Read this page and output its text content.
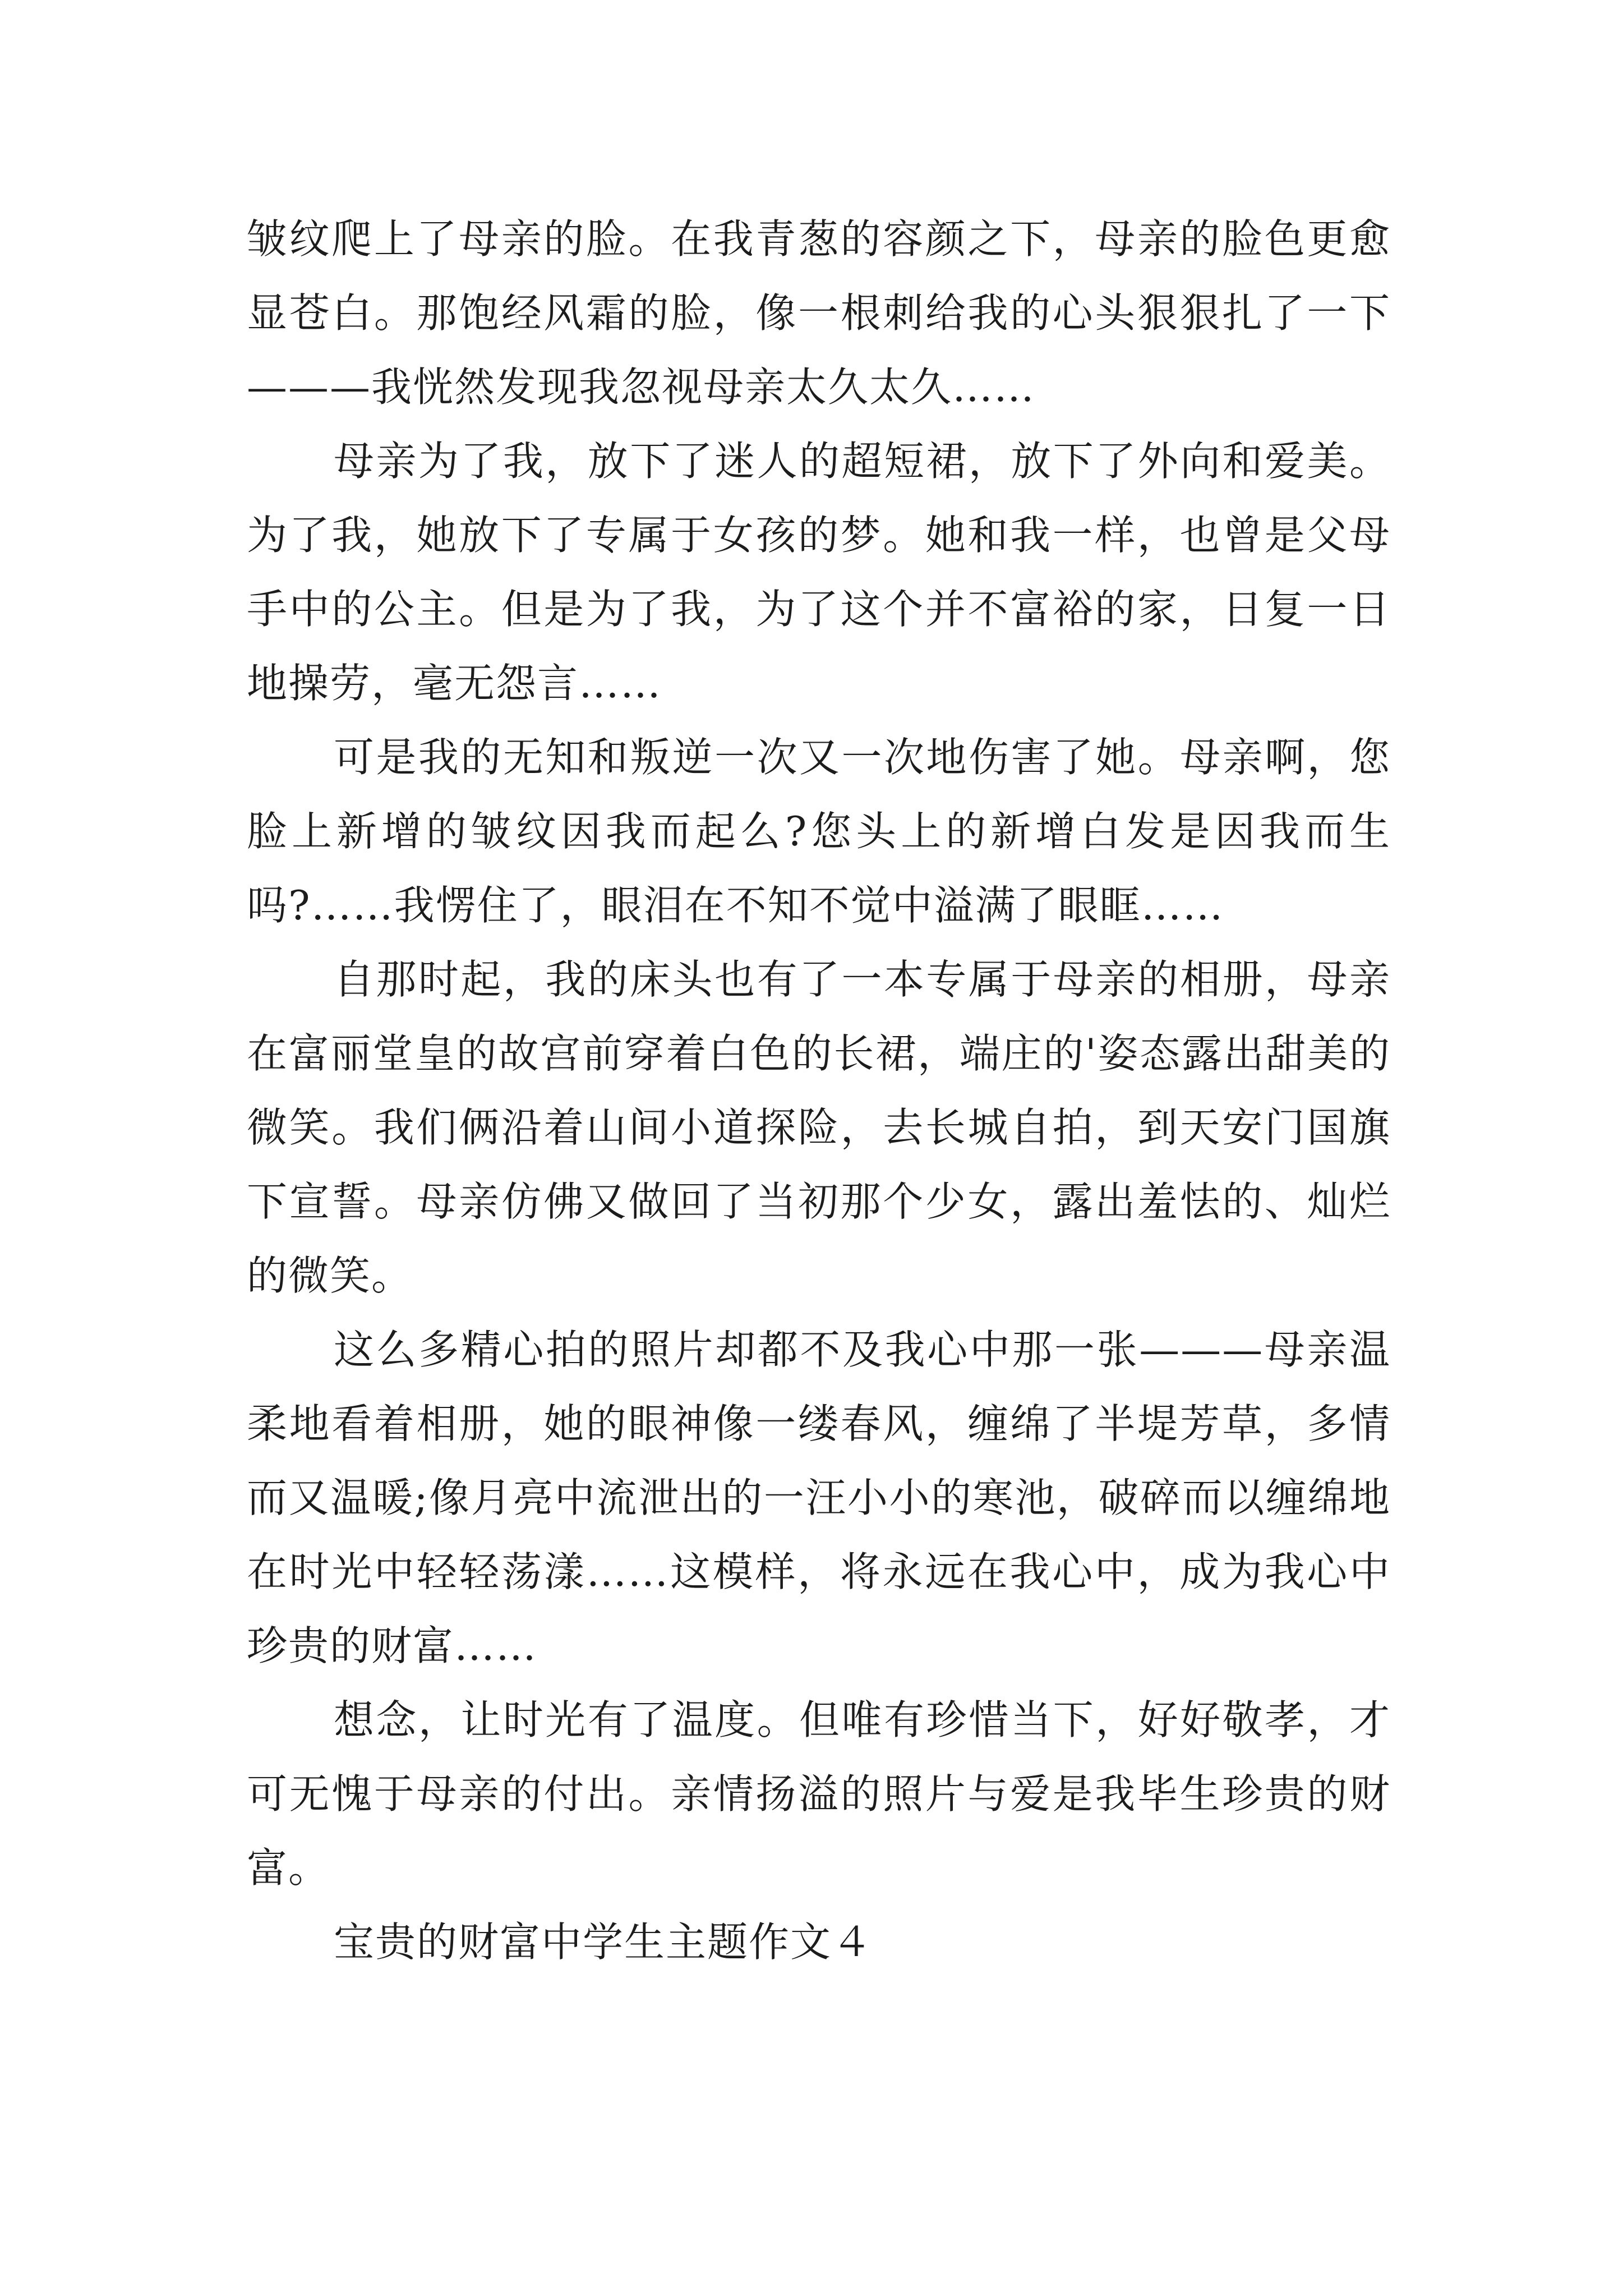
皱纹爬上了母亲的脸。在我青葱的容颜之下，母亲的脸色更愈显苍白。那饱经风霜的脸，像一根刺给我的心头狠狠扎了一下———我恍然发现我忽视母亲太久太久……

母亲为了我，放下了迷人的超短裙，放下了外向和爱美。为了我，她放下了专属于女孩的梦。她和我一样，也曾是父母手中的公主。但是为了我，为了这个并不富裕的家，日复一日地操劳，毫无怨言……

可是我的无知和叛逆一次又一次地伤害了她。母亲啊，您脸上新增的皱纹因我而起么?您头上的新增白发是因我而生吗?……我愣住了，眼泪在不知不觉中溢满了眼眶……

自那时起，我的床头也有了一本专属于母亲的相册，母亲在富丽堂皇的故宫前穿着白色的长裙，端庄的'姿态露出甜美的微笑。我们俩沿着山间小道探险，去长城自拍，到天安门国旗下宣誓。母亲仿佛又做回了当初那个少女，露出羞怯的、灿烂的微笑。

这么多精心拍的照片却都不及我心中那一张———母亲温柔地看着相册，她的眼神像一缕春风，缠绵了半堤芳草，多情而又温暖;像月亮中流泄出的一汪小小的寒池，破碎而以缠绵地在时光中轻轻荡漾……这模样，将永远在我心中，成为我心中珍贵的财富……

想念，让时光有了温度。但唯有珍惜当下，好好敬孝，才可无愧于母亲的付出。亲情扬溢的照片与爱是我毕生珍贵的财富。

宝贵的财富中学生主题作文４
